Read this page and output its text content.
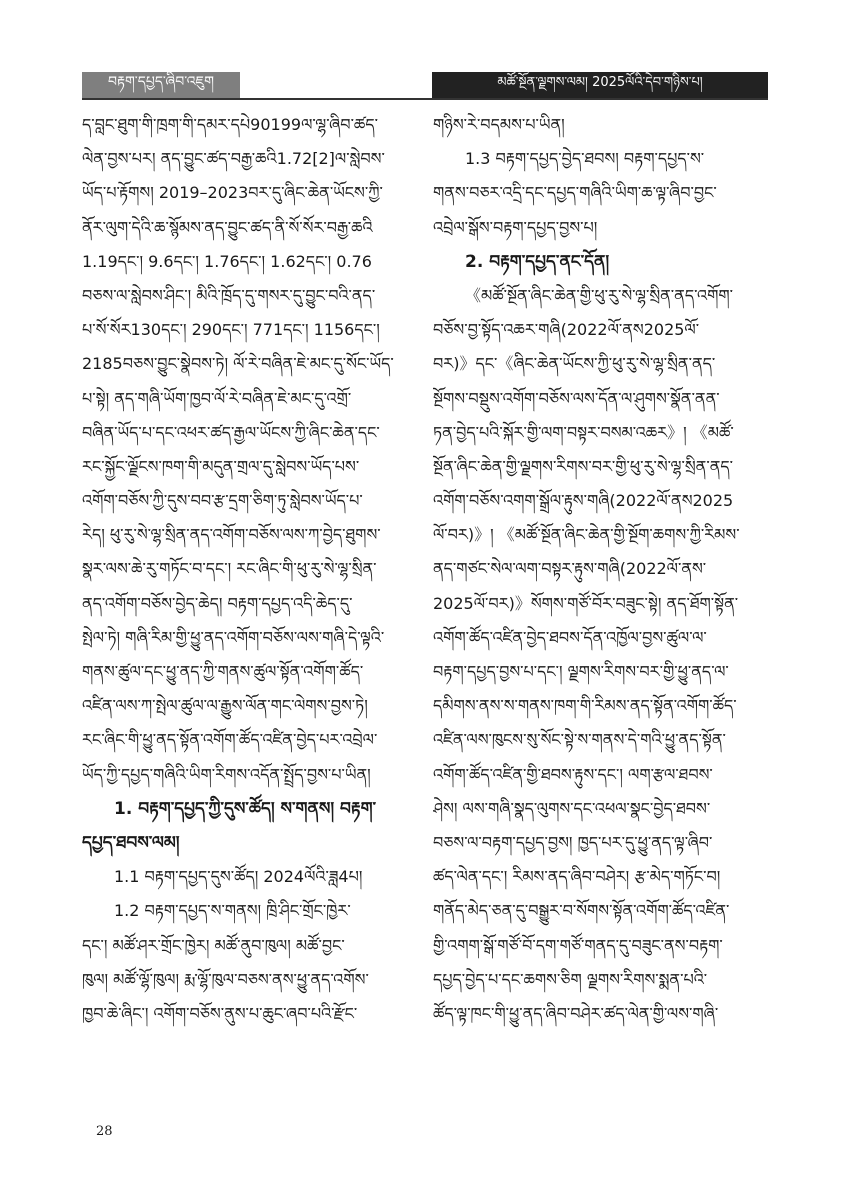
བརྟག་དཔྱད་ཞིབ་འཇུག	མཚོ་སྔོན་ལྗགས་ལམ། 2025ལོའི་དེབ་གཉིས་པ།
ད་བླང་ཐུག་གི་ཁྲག་གི་དམར་དཔེ90199ལ་ལྷ་ཞིབ་ཚད་
ལེན་བྱས་པར། ནད་བྱུང་ཚད་བརྒྱ་ཆའི1.72[2]ལ་སླེབས་
ཡོད་པ་རྟོགས། 2019–2023བར་དུ་ཞིང་ཆེན་ཡོངས་ཀྱི་
ནོར་ལུག་དེའི་ཆ་སྙོམས་ནད་བྱུང་ཚད་ནི་སོ་སོར་བརྒྱ་ཆའི
1.19དང་། 9.6དང་། 1.76དང་། 1.62དང་། 0.76
བཅས་ལ་སླེབས་ཤིང་། མིའི་ཁྲོད་དུ་གསར་དུ་བྱུང་བའི་ནད་
པ་སོ་སོར130དང་། 290དང་། 771དང་། 1156དང་།
2185བཅས་བྱུང་སྣེབས་ཏེ། ལོ་རེ་བཞིན་ཇེ་མང་དུ་སོང་ཡོད་
པ་སྟེ། ནད་གཞི་ཡོག་ཁྱབ་ལོ་རེ་བཞིན་ཇེ་མང་དུ་འགྲོ་
བཞིན་ཡོད་པ་དང་འཕར་ཚད་རྒྱལ་ཡོངས་ཀྱི་ཞིང་ཆེན་དང་
རང་སྐྱོང་ལྗོངས་ཁག་གི་མདུན་གྲལ་དུ་སླེབས་ཡོད་པས་
འགོག་བཅོས་ཀྱི་དུས་བབ་རྩ་དྲག་ཅིག་ཏུ་སླེབས་ཡོད་པ་
རེད། ཕུ་རུ་སེ་ལྷ་སྲིན་ནད་འགོག་བཅོས་ལས་ཀ་བྱེད་ཐུགས་
སྣར་ལས་ཆེ་རུ་གཏོང་བ་དང་། རང་ཞིང་གི་ཕུ་རུ་སེ་ལྷ་སྲིན་
ནད་འགོག་བཅོས་བྱེད་ཆེད། བརྟག་དཔྱད་འདི་ཆེད་དུ་
སྤེལ་ཏེ། གཞི་རིམ་གྱི་ཕྱུ་ནད་འགོག་བཅོས་ལས་གཞི་དེ་ལྟའི་
གནས་ཚུལ་དང་ཕྱུ་ནད་ཀྱི་གནས་ཚུལ་སྟོན་འགོག་ཚོད་
འཛིན་ལས་ཀ་སྤེལ་ཚུལ་ལ་རྒྱུས་ལོན་གང་ལེགས་བྱས་ཏེ།
རང་ཞིང་གི་ཕྱུ་ནད་སྟོན་འགོག་ཚོད་འཛིན་བྱེད་པར་འབྲེལ་
ཡོད་ཀྱི་དཔྱད་གཞིའི་ཡིག་རིགས་འདོན་སྤྲོད་བྱས་པ་ཡིན།
1. བརྟག་དཔྱད་ཀྱི་དུས་ཚོད། ས་གནས། བརྟག་
དཔྱད་ཐབས་ལམ།
1.1 བརྟག་དཔྱད་དུས་ཚོད། 2024ལོའི་ཟླ4པ།
1.2 བརྟག་དཔྱད་ས་གནས། ཁྲི་ཤིང་གྲོང་ཁྱེར་
དང་། མཚོ་ཤར་གྲོང་ཁྱེར། མཚོ་ནུབ་ཁུལ། མཚོ་བྱང་
ཁུལ། མཚོ་ལྷོ་ཁུལ། རྨ་ལྷོ་ཁུལ་བཅས་ནས་ཕྱུ་ནད་འགོས་
ཁྱབ་ཆེ་ཞིང་། འགོག་བཅོས་ནུས་པ་ཆུང་ཞབ་པའི་རྫོང་
གཉིས་རེ་བདམས་པ་ཡིན།
1.3 བརྟག་དཔྱད་བྱེད་ཐབས། བརྟག་དཔྱད་ས་
གནས་བཅར་འདྲི་དང་དཔྱད་གཞིའི་ཡིག་ཆ་ལྟ་ཞིབ་བྱང་
འབྲེལ་སྒོས་བརྟག་དཔྱད་བྱས་པ།
2. བརྟག་དཔྱད་ནང་དོན།
《མཚོ་སྔོན་ཞིང་ཆེན་གྱི་ཕུ་རུ་སེ་ལྷ་སྲིན་ནད་འགོག་
བཅོས་བྱ་སྟོད་འཆར་གཞི(2022ལོ་ནས2025ལོ་
བར)》དང་《ཞིང་ཆེན་ཡོངས་ཀྱི་ཕུ་རུ་སེ་ལྷ་སྲིན་ནད་
སྔོགས་བསྡུས་འགོག་བཅོས་ལས་དོན་ལ་ཤུགས་སྣོན་ནན་
ཏན་བྱེད་པའི་སྐོར་གྱི་ལག་བསྟར་བསམ་འཆར》། 《མཚོ་
སྔོན་ཞིང་ཆེན་གྱི་ལྗགས་རིགས་བར་གྱི་ཕུ་རུ་སེ་ལྷ་སྲིན་ནད་
འགོག་བཅོས་འགག་སྒྲོལ་རྟུས་གཞི(2022ལོ་ནས2025
ལོ་བར)》། 《མཚོ་སྔོན་ཞིང་ཆེན་གྱི་སྔོག་ཆགས་ཀྱི་རིམས་
ནད་གཙང་སེལ་ལག་བསྟར་རྟུས་གཞི(2022ལོ་ནས་
2025ལོ་བར)》སོགས་གཙོ་བོར་བཟུང་སྟེ། ནད་ཐོག་སྟོན་
འགོག་ཚོད་འཛིན་བྱེད་ཐབས་དོན་འཁྱོལ་བྱས་ཚུལ་ལ་
བརྟག་དཔྱད་བྱས་པ་དང་། ལྗགས་རིགས་བར་གྱི་ཕྱུ་ནད་ལ་
དམིགས་ནས་ས་གནས་ཁག་གི་རིམས་ནད་སྟོན་འགོག་ཚོད་
འཛིན་ལས་ཁུངས་སུ་སོང་སྟེ་ས་གནས་དེ་གའི་ཕྱུ་ནད་སྟོན་
འགོག་ཚོད་འཛིན་གྱི་ཐབས་རྟུས་དང་། ལག་རྩལ་ཐབས་
ཤེས། ལས་གཞི་སྣད་ལུགས་དང་འཕལ་སྣང་བྱེད་ཐབས་
བཅས་ལ་བརྟག་དཔྱད་བྱས། ཁྱད་པར་དུ་ཕྱུ་ནད་ལྟ་ཞིབ་
ཚད་ལེན་དང་། རིམས་ནད་ཞིབ་བཤེར། རྩ་མེད་གཏོང་བ།
གནོད་མེད་ཅན་དུ་བསྒྱུར་བ་སོགས་སྟོན་འགོག་ཚོད་འཛིན་
གྱི་འགག་སྒོ་གཙོ་བོ་དག་གཙོ་གནད་དུ་བཟུང་ནས་བརྟག་
དཔྱད་བྱེད་པ་དང་ཆགས་ཅིག ལྗགས་རིགས་སྨན་པའི་
ཚོད་ལྟ་ཁང་གི་ཕྱུ་ནད་ཞིབ་བཤེར་ཚད་ལེན་གྱི་ལས་གཞི་
28
